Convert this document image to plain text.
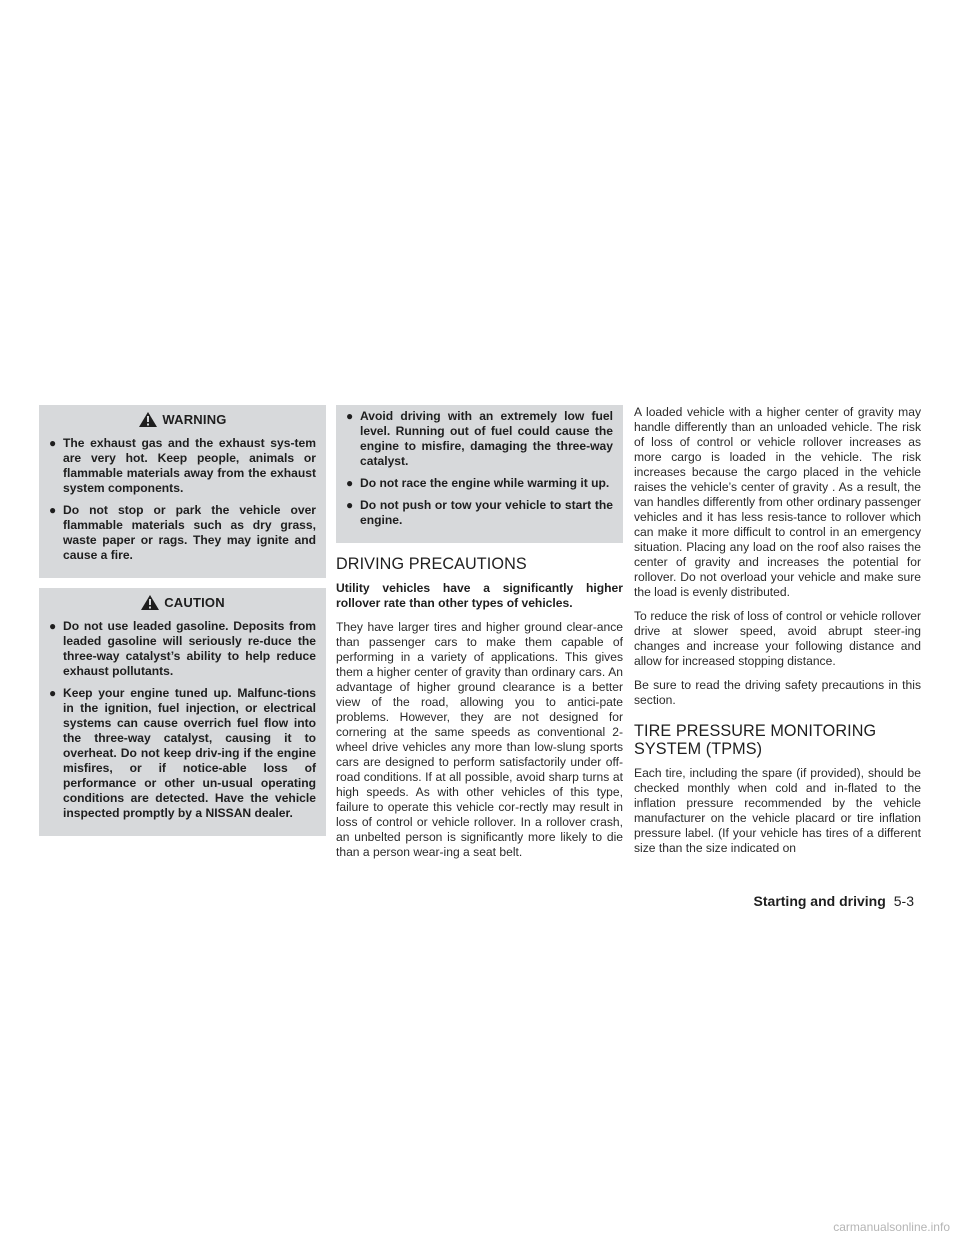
WARNING
● The exhaust gas and the exhaust sys-tem are very hot. Keep people, animals or flammable materials away from the exhaust system components.
● Do not stop or park the vehicle over flammable materials such as dry grass, waste paper or rags. They may ignite and cause a fire.
CAUTION
● Do not use leaded gasoline. Deposits from leaded gasoline will seriously re-duce the three-way catalyst’s ability to help reduce exhaust pollutants.
● Keep your engine tuned up. Malfunc-tions in the ignition, fuel injection, or electrical systems can cause overrich fuel flow into the three-way catalyst, causing it to overheat. Do not keep driv-ing if the engine misfires, or if notice-able loss of performance or other un-usual operating conditions are detected. Have the vehicle inspected promptly by a NISSAN dealer.
● Avoid driving with an extremely low fuel level. Running out of fuel could cause the engine to misfire, damaging the three-way catalyst.
● Do not race the engine while warming it up.
● Do not push or tow your vehicle to start the engine.
DRIVING PRECAUTIONS

Utility vehicles have a significantly higher rollover rate than other types of vehicles.

They have larger tires and higher ground clear-ance than passenger cars to make them capable of performing in a variety of applications. This gives them a higher center of gravity than ordinary cars. An advantage of higher ground clearance is a better view of the road, allowing you to antici-pate problems. However, they are not designed for cornering at the same speeds as conventional 2-wheel drive vehicles any more than low-slung sports cars are designed to perform satisfactorily under off-road conditions. If at all possible, avoid sharp turns at high speeds. As with other vehicles of this type, failure to operate this vehicle cor-rectly may result in loss of control or vehicle rollover. In a rollover crash, an unbelted person is significantly more likely to die than a person wear-ing a seat belt.

A loaded vehicle with a higher center of gravity may handle differently than an unloaded vehicle. The risk of loss of control or vehicle rollover increases as more cargo is loaded in the vehicle. The risk increases because the cargo placed in the vehicle raises the vehicle’s center of gravity . As a result, the van handles differently from other ordinary passenger vehicles and it has less resis-tance to rollover which can make it more difficult to control in an emergency situation. Placing any load on the roof also raises the center of gravity and increases the potential for rollover. Do not overload your vehicle and make sure the load is evenly distributed.

To reduce the risk of loss of control or vehicle rollover drive at slower speed, avoid abrupt steer-ing changes and increase your following distance and allow for increased stopping distance.

Be sure to read the driving safety precautions in this section.

TIRE PRESSURE MONITORING SYSTEM (TPMS)

Each tire, including the spare (if provided), should be checked monthly when cold and in-flated to the inflation pressure recommended by the vehicle manufacturer on the vehicle placard or tire inflation pressure label. (If your vehicle has tires of a different size than the size indicated on

Starting and driving 5-3
carmanualsonline.info
